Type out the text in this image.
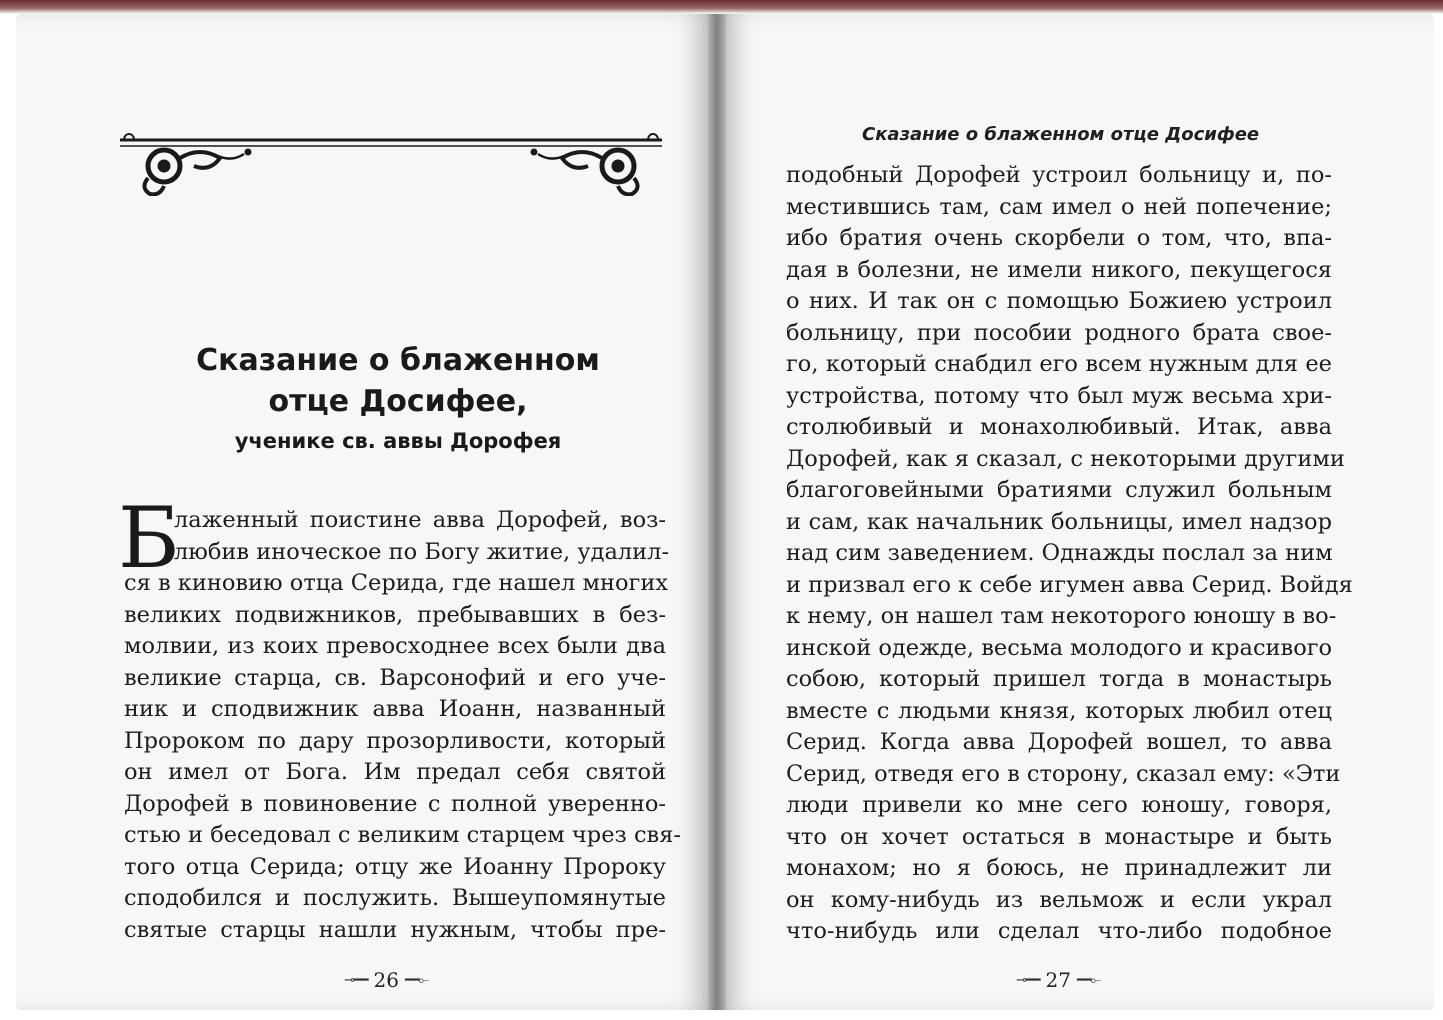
Сказание о блаженном
отце Досифее,
ученике св. аввы Дорофея
Б
лаженный поистине авва Дорофей, воз-
любив иноческое по Богу житие, удалил-
ся в киновию отца Серида, где нашел многих
великих подвижников, пребывавших в без-
молвии, из коих превосходнее всех были два
великие старца, св. Варсонофий и его уче-
ник и сподвижник авва Иоанн, названный
Пророком по дару прозорливости, который
он имел от Бога. Им предал себя святой
Дорофей в повиновение с полной уверенно-
стью и беседовал с великим старцем чрез свя-
того отца Серида; отцу же Иоанну Пророку
сподобился и послужить. Вышеупомянутые
святые старцы нашли нужным, чтобы пре-
⊸━━ 26 ━━⟜
Сказание о блаженном отце Досифее
подобный Дорофей устроил больницу и, по-
местившись там, сам имел о ней попечение;
ибо братия очень скорбели о том, что, впа-
дая в болезни, не имели никого, пекущегося
о них. И так он с помощью Божиею устроил
больницу, при пособии родного брата свое-
го, который снабдил его всем нужным для ее
устройства, потому что был муж весьма хри-
столюбивый и монахолюбивый. Итак, авва
Дорофей, как я сказал, с некоторыми другими
благоговейными братиями служил больным
и сам, как начальник больницы, имел надзор
над сим заведением. Однажды послал за ним
и призвал его к себе игумен авва Серид. Войдя
к нему, он нашел там некоторого юношу в во-
инской одежде, весьма молодого и красивого
собою, который пришел тогда в монастырь
вместе с людьми князя, которых любил отец
Серид. Когда авва Дорофей вошел, то авва
Серид, отведя его в сторону, сказал ему: «Эти
люди привели ко мне сего юношу, говоря,
что он хочет остаться в монастыре и быть
монахом; но я боюсь, не принадлежит ли
он кому-нибудь из вельмож и если украл
что-нибудь или сделал что-либо подобное
⊸━━ 27 ━━⟜
